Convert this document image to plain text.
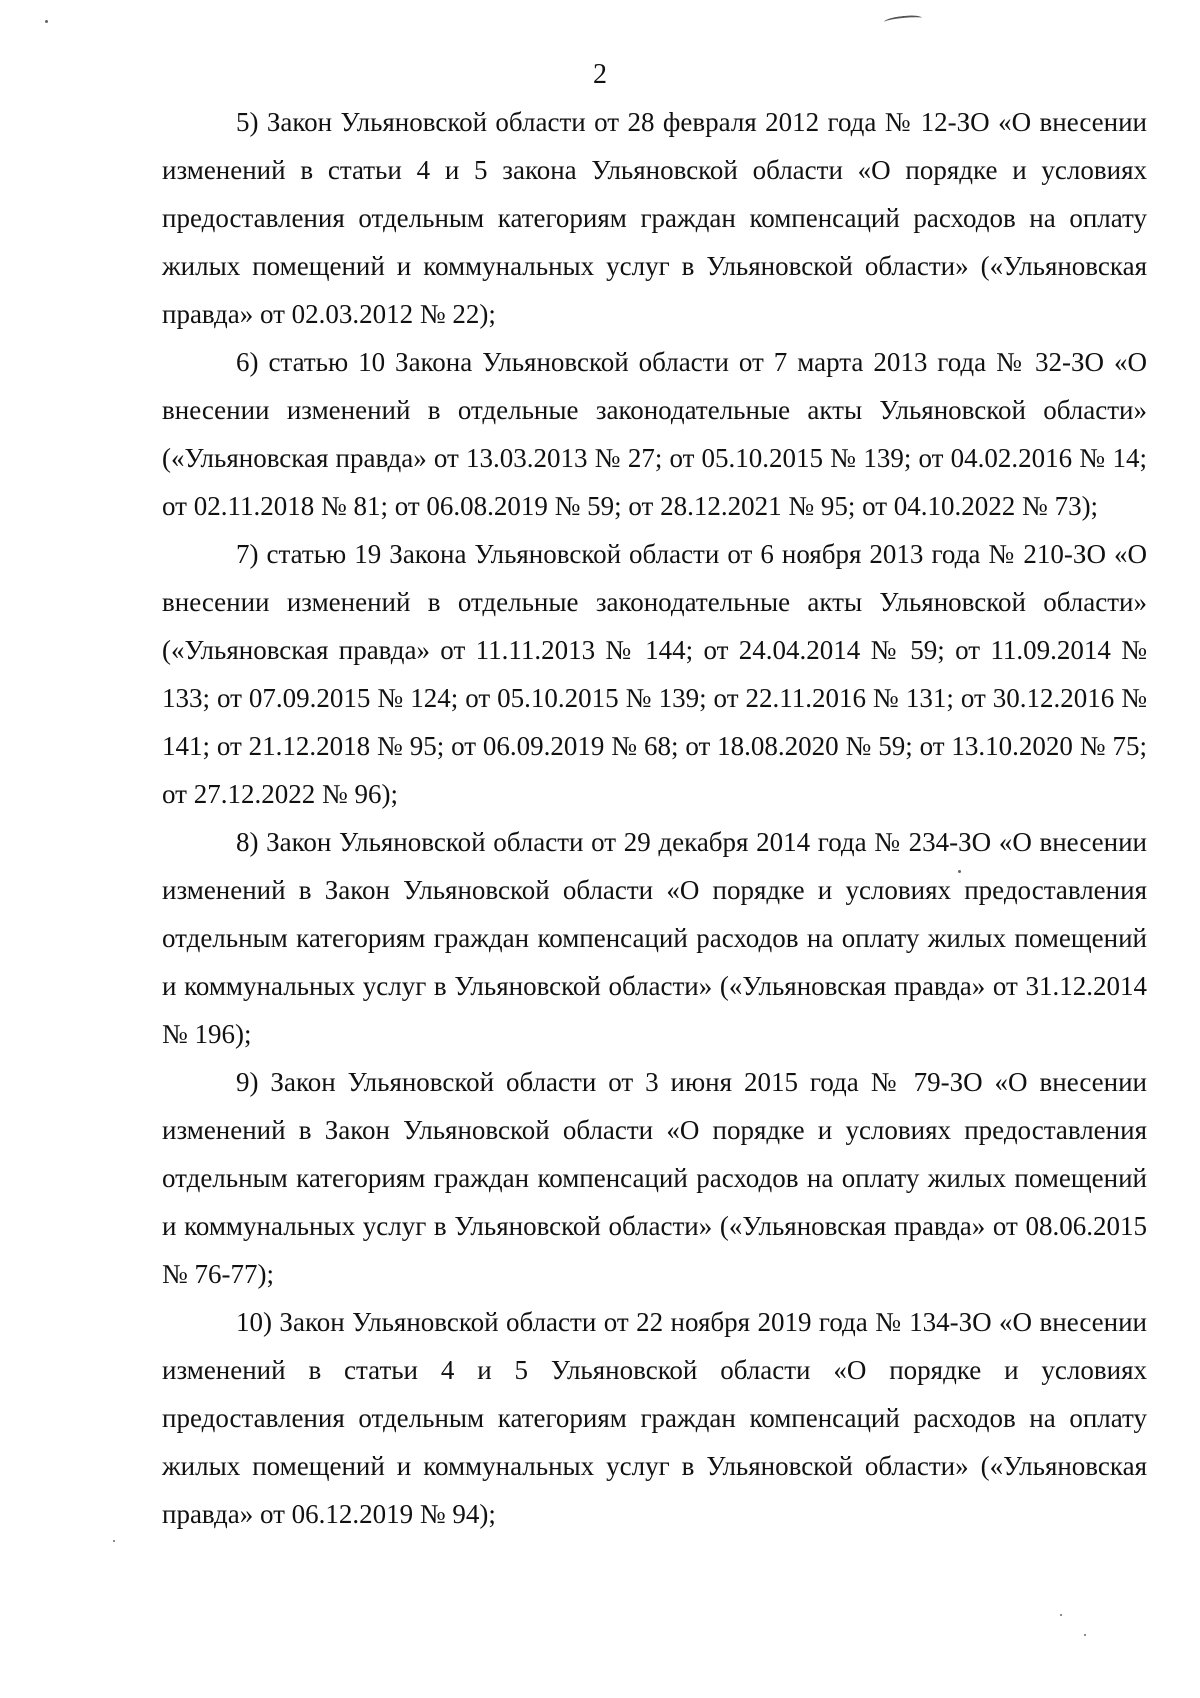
2

5) Закон Ульяновской области от 28 февраля 2012 года № 12-ЗО «О внесении изменений в статьи 4 и 5 закона Ульяновской области «О порядке и условиях предоставления отдельным категориям граждан компенсаций расходов на оплату жилых помещений и коммунальных услуг в Ульяновской области» («Ульяновская правда» от 02.03.2012 № 22);

6) статью 10 Закона Ульяновской области от 7 марта 2013 года № 32-ЗО «О внесении изменений в отдельные законодательные акты Ульяновской области» («Ульяновская правда» от 13.03.2013 № 27; от 05.10.2015 № 139; от 04.02.2016 № 14; от 02.11.2018 № 81; от 06.08.2019 № 59; от 28.12.2021 № 95; от 04.10.2022 № 73);

7) статью 19 Закона Ульяновской области от 6 ноября 2013 года № 210-ЗО «О внесении изменений в отдельные законодательные акты Ульяновской области» («Ульяновская правда» от 11.11.2013 № 144; от 24.04.2014 № 59; от 11.09.2014 № 133; от 07.09.2015 № 124; от 05.10.2015 № 139; от 22.11.2016 № 131; от 30.12.2016 № 141; от 21.12.2018 № 95; от 06.09.2019 № 68; от 18.08.2020 № 59; от 13.10.2020 № 75; от 27.12.2022 № 96);

8) Закон Ульяновской области от 29 декабря 2014 года № 234-ЗО «О внесении изменений в Закон Ульяновской области «О порядке и условиях предоставления отдельным категориям граждан компенсаций расходов на оплату жилых помещений и коммунальных услуг в Ульяновской области» («Ульяновская правда» от 31.12.2014 № 196);

9) Закон Ульяновской области от 3 июня 2015 года № 79-ЗО «О внесении изменений в Закон Ульяновской области «О порядке и условиях предоставления отдельным категориям граждан компенсаций расходов на оплату жилых помещений и коммунальных услуг в Ульяновской области» («Ульяновская правда» от 08.06.2015 № 76-77);

10) Закон Ульяновской области от 22 ноября 2019 года № 134-ЗО «О внесении изменений в статьи 4 и 5 Ульяновской области «О порядке и условиях предоставления отдельным категориям граждан компенсаций расходов на оплату жилых помещений и коммунальных услуг в Ульяновской области» («Ульяновская правда» от 06.12.2019 № 94);
